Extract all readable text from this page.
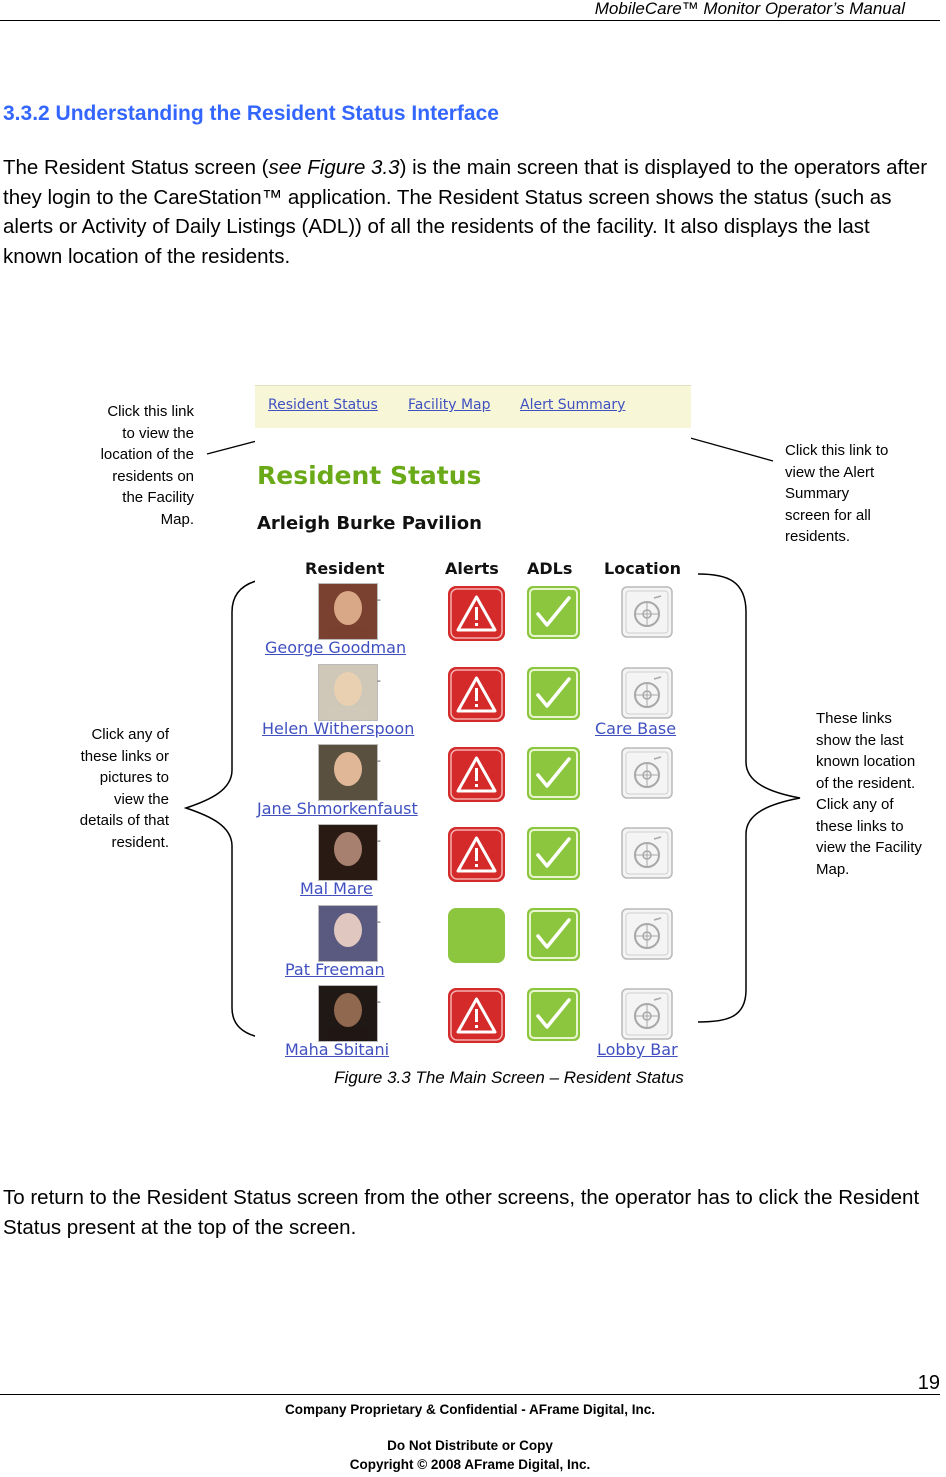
MobileCare™ Monitor Operator’s Manual
3.3.2 Understanding the Resident Status Interface

The Resident Status screen (see Figure 3.3) is the main screen that is displayed to the operators after they login to the CareStation™ application. The Resident Status screen shows the status (such as alerts or Activity of Daily Listings (ADL)) of all the residents of the facility. It also displays the last known location of the residents.

Click this link
to view the
location of the
residents on
the Facility
Map.
Click this link to
view the Alert
Summary
screen for all
residents.
Click any of
these links or
pictures to
view the
details of that
resident.
These links
show the last
known location
of the resident.
Click any of
these links to
view the Facility
Map.
Resident Status Facility Map Alert Summary
Resident Status
Arleigh Burke Pavilion
Resident	Alerts ADLs Location
-
George Goodman
-
Helen Witherspoon	Care Base
-
Jane Shmorkenfaust
-
Mal Mare
-
Pat Freeman
-
Maha Sbitani	Lobby Bar
Figure 3.3 The Main Screen – Resident Status

To return to the Resident Status screen from the other screens, the operator has to click the Resident Status present at the top of the screen.

19
Company Proprietary & Confidential - AFrame Digital, Inc.
Do Not Distribute or Copy
Copyright © 2008 AFrame Digital, Inc.
